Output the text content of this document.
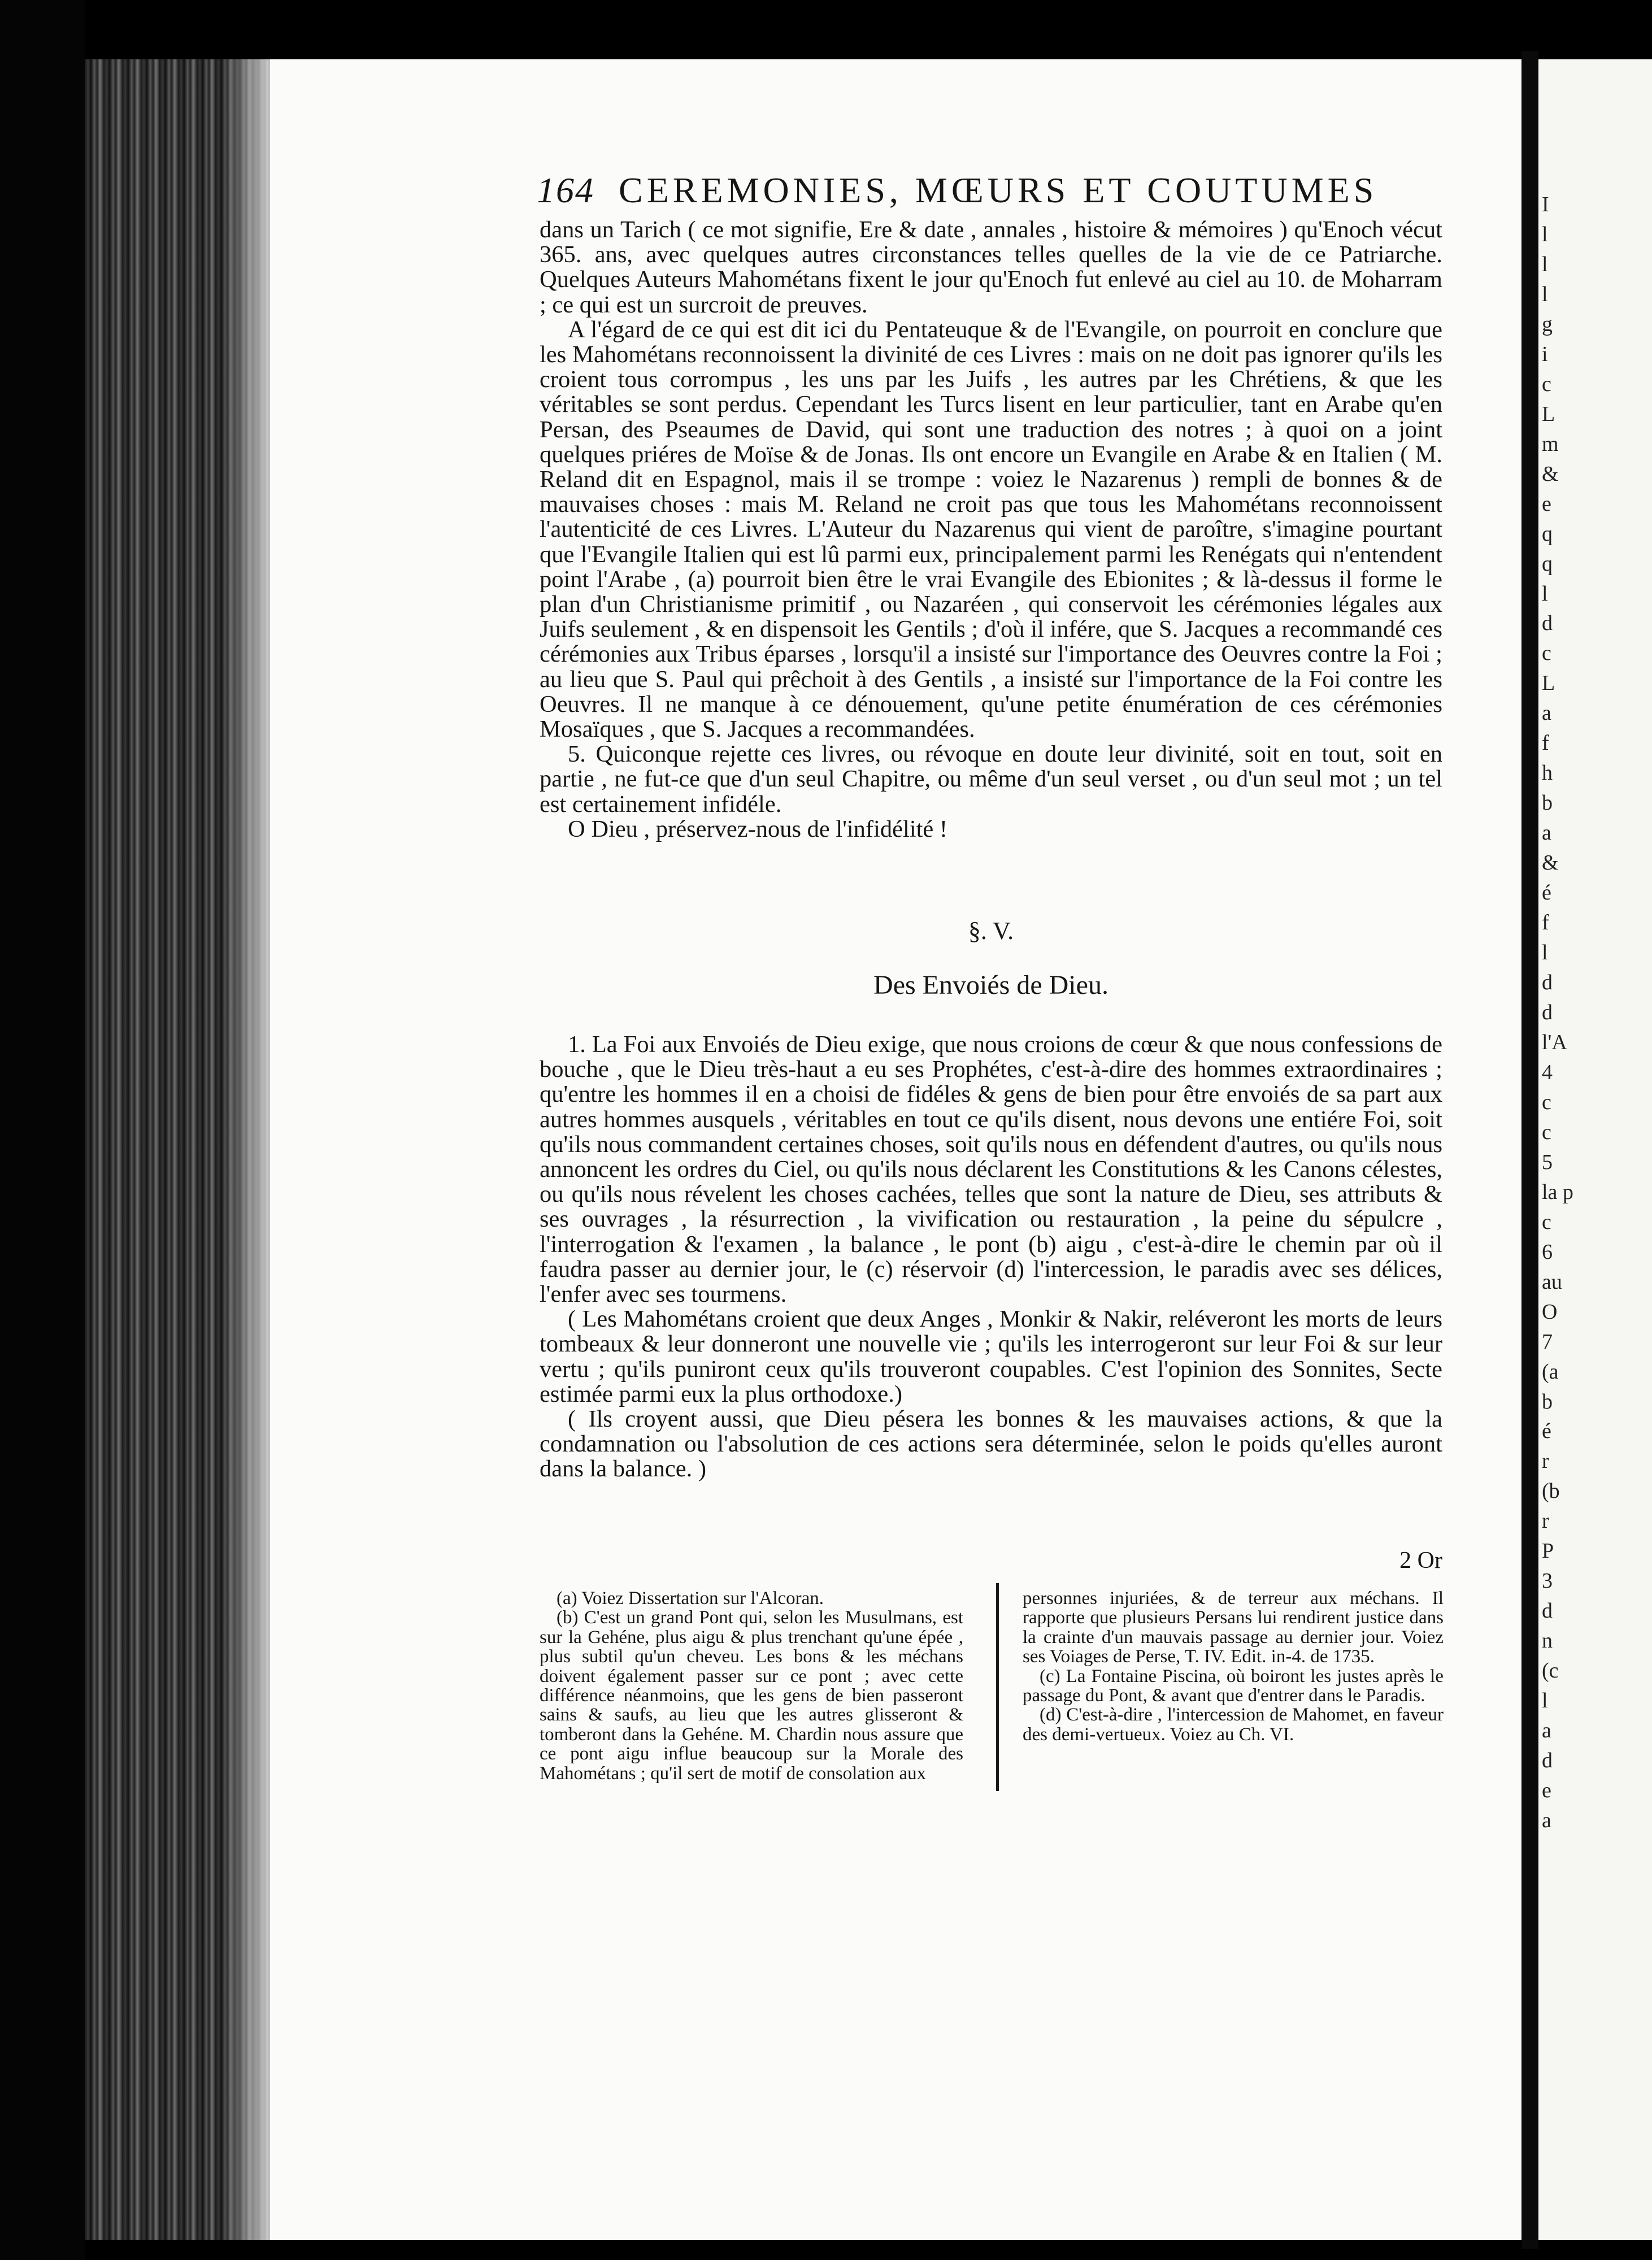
164 CEREMONIES, MŒURS ET COUTUMES

dans un Tarich ( ce mot signifie, Ere & date , annales , histoire & mémoires ) qu'Enoch vécut 365. ans, avec quelques autres circonstances telles quelles de la vie de ce Patriarche. Quelques Auteurs Mahométans fixent le jour qu'Enoch fut enlevé au ciel au 10. de Moharram ; ce qui est un surcroit de preuves.

A l'égard de ce qui est dit ici du Pentateuque & de l'Evangile, on pourroit en conclure que les Mahométans reconnoissent la divinité de ces Livres : mais on ne doit pas ignorer qu'ils les croient tous corrompus , les uns par les Juifs , les autres par les Chrétiens, & que les véritables se sont perdus. Cependant les Turcs lisent en leur particulier, tant en Arabe qu'en Persan, des Pseaumes de David, qui sont une traduction des notres ; à quoi on a joint quelques priéres de Moïse & de Jonas. Ils ont encore un Evangile en Arabe & en Italien ( M. Reland dit en Espagnol, mais il se trompe : voiez le Nazarenus ) rempli de bonnes & de mauvaises choses : mais M. Reland ne croit pas que tous les Mahométans reconnoissent l'autenticité de ces Livres. L'Auteur du Nazarenus qui vient de paroître, s'imagine pourtant que l'Evangile Italien qui est lû parmi eux, principalement parmi les Renégats qui n'entendent point l'Arabe , (a) pourroit bien être le vrai Evangile des Ebionites ; & là-dessus il forme le plan d'un Christianisme primitif , ou Nazaréen , qui conservoit les cérémonies légales aux Juifs seulement , & en dispensoit les Gentils ; d'où il infére, que S. Jacques a recommandé ces cérémonies aux Tribus éparses , lorsqu'il a insisté sur l'importance des Oeuvres contre la Foi ; au lieu que S. Paul qui prêchoit à des Gentils , a insisté sur l'importance de la Foi contre les Oeuvres. Il ne manque à ce dénouement, qu'une petite énumération de ces cérémonies Mosaïques , que S. Jacques a recommandées.

5. Quiconque rejette ces livres, ou révoque en doute leur divinité, soit en tout, soit en partie , ne fut-ce que d'un seul Chapitre, ou même d'un seul verset , ou d'un seul mot ; un tel est certainement infidéle.

O Dieu , préservez-nous de l'infidélité !

§. V.
Des Envoiés de Dieu.

1. La Foi aux Envoiés de Dieu exige, que nous croions de cœur & que nous confessions de bouche , que le Dieu très-haut a eu ses Prophétes, c'est-à-dire des hommes extraordinaires ; qu'entre les hommes il en a choisi de fidéles & gens de bien pour être envoiés de sa part aux autres hommes ausquels , véritables en tout ce qu'ils disent, nous devons une entiére Foi, soit qu'ils nous commandent certaines choses, soit qu'ils nous en défendent d'autres, ou qu'ils nous annoncent les ordres du Ciel, ou qu'ils nous déclarent les Constitutions & les Canons célestes, ou qu'ils nous révelent les choses cachées, telles que sont la nature de Dieu, ses attributs & ses ouvrages , la résurrection , la vivification ou restauration , la peine du sépulcre , l'interrogation & l'examen , la balance , le pont (b) aigu , c'est-à-dire le chemin par où il faudra passer au dernier jour, le (c) réservoir (d) l'intercession, le paradis avec ses délices, l'enfer avec ses tourmens.

( Les Mahométans croient que deux Anges , Monkir & Nakir, reléveront les morts de leurs tombeaux & leur donneront une nouvelle vie ; qu'ils les interrogeront sur leur Foi & sur leur vertu ; qu'ils puniront ceux qu'ils trouveront coupables. C'est l'opinion des Sonnites, Secte estimée parmi eux la plus orthodoxe.)

( Ils croyent aussi, que Dieu pésera les bonnes & les mauvaises actions, & que la condamnation ou l'absolution de ces actions sera déterminée, selon le poids qu'elles auront dans la balance. )

2 Or

(a) Voiez Dissertation sur l'Alcoran.

(b) C'est un grand Pont qui, selon les Musulmans, est sur la Gehéne, plus aigu & plus trenchant qu'une épée , plus subtil qu'un cheveu. Les bons & les méchans doivent également passer sur ce pont ; avec cette différence néanmoins, que les gens de bien passeront sains & saufs, au lieu que les autres glisseront & tomberont dans la Gehéne. M. Chardin nous assure que ce pont aigu influe beaucoup sur la Morale des Mahométans ; qu'il sert de motif de consolation aux

personnes injuriées, & de terreur aux méchans. Il rapporte que plusieurs Persans lui rendirent justice dans la crainte d'un mauvais passage au dernier jour. Voiez ses Voiages de Perse, T. IV. Edit. in-4. de 1735.

(c) La Fontaine Piscina, où boiront les justes après le passage du Pont, & avant que d'entrer dans le Paradis.

(d) C'est-à-dire , l'intercession de Mahomet, en faveur des demi-vertueux. Voiez au Ch. VI.

I
l
l
l
g
i
c
L
m
&
e
q
q
l
d
c
L
a
f
h
b
a
&
é
f
l
d
d
l'A
4
c
c
5
la p
c
6
au
O
7
(a
b
é
r
(b
r
P
3
d
n
(c
l
a
d
e
a
